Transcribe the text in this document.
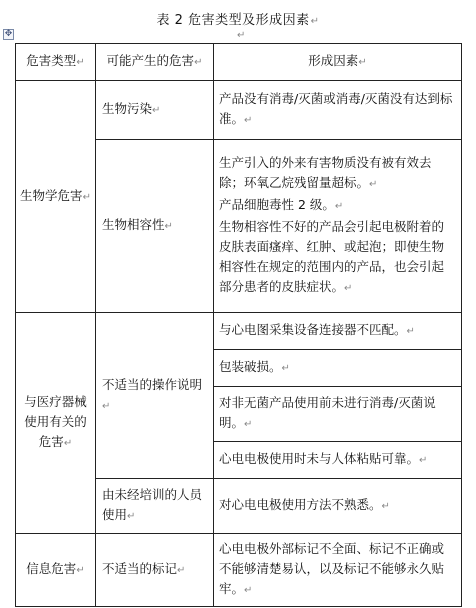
表 2 危害类型及形成因素↵
✥	↵
危害类型↵	可能产生的危害↵	形成因素↵
生物学危害↵	生物污染↵	产品没有消毒/灭菌或消毒/灭菌没有达到标准。↵
	生物相容性↵	生产引入的外来有害物质没有被有效去除；环氧乙烷残留量超标。↵
产品细胞毒性 2 级。↵
生物相容性不好的产品会引起电极附着的皮肤表面瘙痒、红肿、或起泡；即使生物相容性在规定的范围内的产品，也会引起部分患者的皮肤症状。↵

与医疗器械使用有关的危害↵	不适当的操作说明↵	与心电图采集设备连接器不匹配。↵
		包装破损。↵
		对非无菌产品使用前未进行消毒/灭菌说明。↵
		心电电极使用时未与人体粘贴可靠。↵
	由未经培训的人员使用↵	对心电电极使用方法不熟悉。↵
信息危害↵	不适当的标记↵	心电电极外部标记不全面、标记不正确或不能够清楚易认，以及标记不能够永久贴牢。↵
